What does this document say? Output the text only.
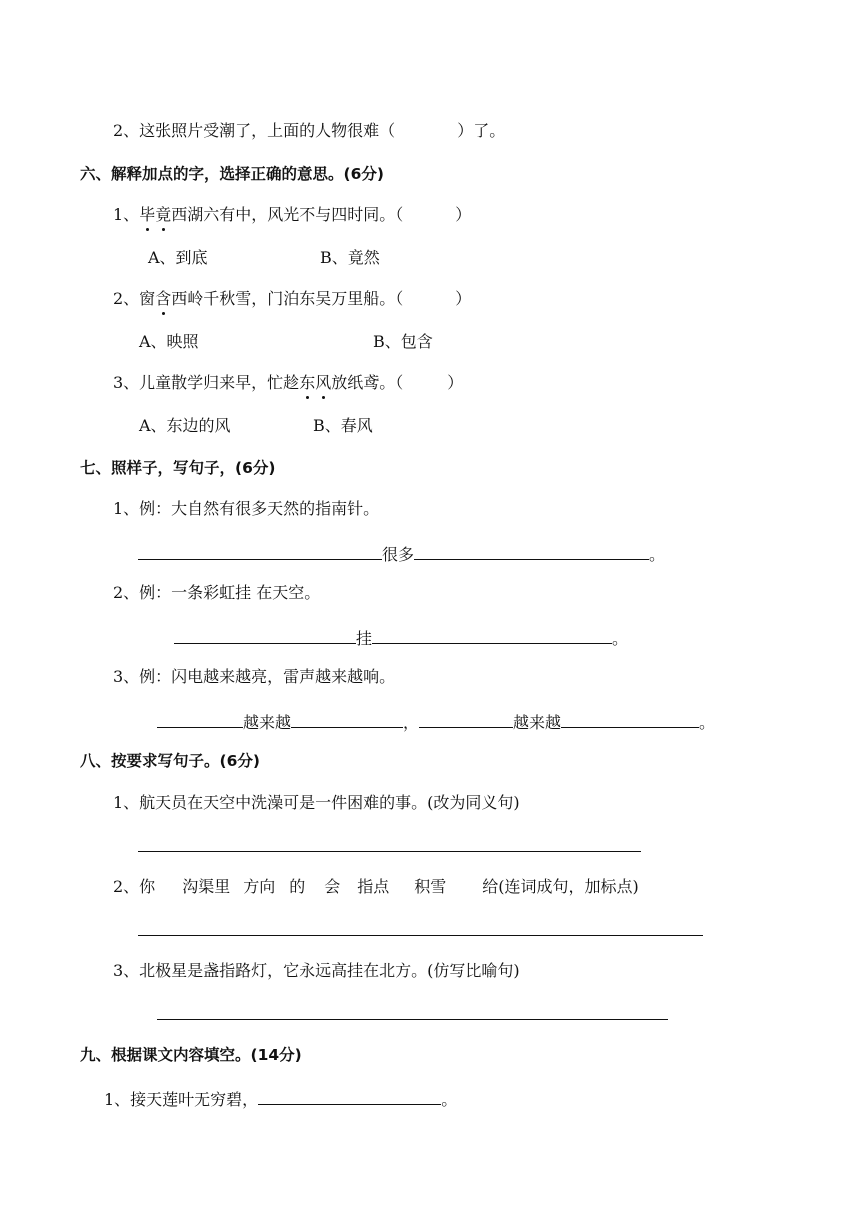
2、这张照片受潮了，上面的人物很难（	）了。
六、解释加点的字，选择正确的意思。(6分)
1、毕竟西湖六有中，风光不与四时同。（	）
A、到底	B、竟然
2、窗含西岭千秋雪，门泊东吴万里船。（	）
A、映照	B、包含
3、儿童散学归来早，忙趁东风放纸鸢。（	）
A、东边的风	B、春风
七、照样子，写句子，(6分)
1、例：大自然有很多天然的指南针。
很多	。
2、例：一条彩虹挂 在天空。
挂	。
3、例：闪电越来越亮，雷声越来越响。
越来越	，	越来越	。
八、按要求写句子。(6分)
1、航天员在天空中洗澡可是一件困难的事。(改为同义句)
2、你 沟渠里 方向 的 会 指点 积雪 给(连词成句，加标点)
3、北极星是盏指路灯，它永远高挂在北方。(仿写比喻句)
九、根据课文内容填空。(14分)
1、接天莲叶无穷碧，	。
